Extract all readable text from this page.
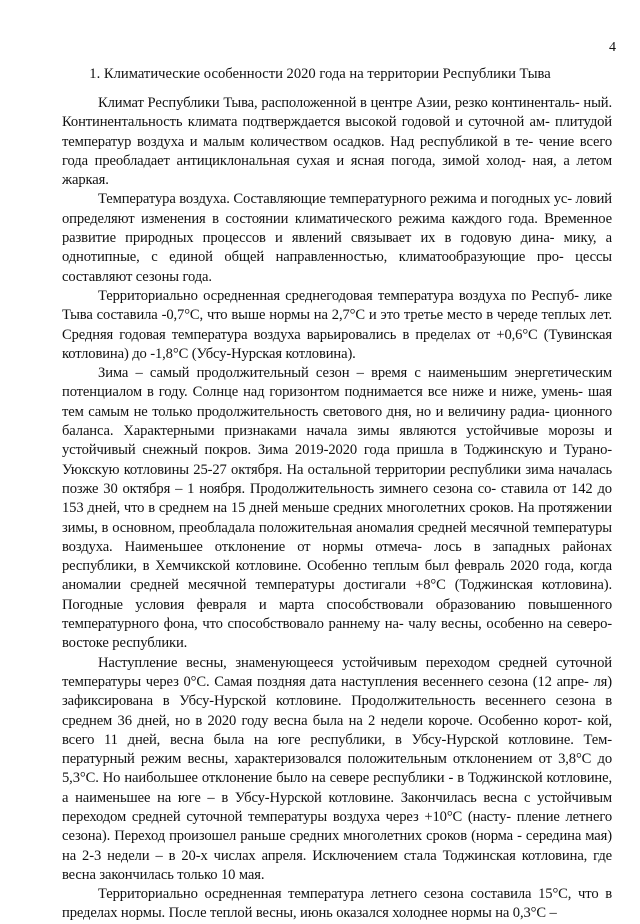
4
1. Климатические особенности 2020 года на территории Республики Тыва

Климат Республики Тыва, расположенной в центре Азии, резко континенталь- ный. Континентальность климата подтверждается высокой годовой и суточной ам- плитудой температур воздуха и малым количеством осадков. Над республикой в те- чение всего года преобладает антициклональная сухая и ясная погода, зимой холод- ная, а летом жаркая.

Температура воздуха. Составляющие температурного режима и погодных ус- ловий определяют изменения в состоянии климатического режима каждого года. Временное развитие природных процессов и явлений связывает их в годовую дина- мику, а однотипные, с единой общей направленностью, климатообразующие про- цессы составляют сезоны года.

Территориально осредненная среднегодовая температура воздуха по Респуб- лике Тыва составила -0,7°С, что выше нормы на 2,7°С и это третье место в череде теплых лет. Средняя годовая температура воздуха варьировались в пределах от +0,6°С (Тувинская котловина) до -1,8°С (Убсу-Нурская котловина).

Зима – самый продолжительный сезон – время с наименьшим энергетическим потенциалом в году. Солнце над горизонтом поднимается все ниже и ниже, умень- шая тем самым не только продолжительность светового дня, но и величину радиа- ционного баланса. Характерными признаками начала зимы являются устойчивые морозы и устойчивый снежный покров. Зима 2019-2020 года пришла в Тоджинскую и Турано-Уюкскую котловины 25-27 октября. На остальной территории республики зима началась позже 30 октября – 1 ноября. Продолжительность зимнего сезона со- ставила от 142 до 153 дней, что в среднем на 15 дней меньше средних многолетних сроков. На протяжении зимы, в основном, преобладала положительная аномалия средней месячной температуры воздуха. Наименьшее отклонение от нормы отмеча- лось в западных районах республики, в Хемчикской котловине. Особенно теплым был февраль 2020 года, когда аномалии средней месячной температуры достигали +8°С (Тоджинская котловина). Погодные условия февраля и марта способствовали образованию повышенного температурного фона, что способствовало раннему на- чалу весны, особенно на северо-востоке республики.

Наступление весны, знаменующееся устойчивым переходом средней суточной температуры через 0°С. Самая поздняя дата наступления весеннего сезона (12 апре- ля) зафиксирована в Убсу-Нурской котловине. Продолжительность весеннего сезона в среднем 36 дней, но в 2020 году весна была на 2 недели короче. Особенно корот- кой, всего 11 дней, весна была на юге республики, в Убсу-Нурской котловине. Тем- пературный режим весны, характеризовался положительным отклонением от 3,8°С до 5,3°С. Но наибольшее отклонение было на севере республики - в Тоджинской котловине, а наименьшее на юге – в Убсу-Нурской котловине. Закончилась весна с устойчивым переходом средней суточной температуры воздуха через +10°С (насту- пление летнего сезона). Переход произошел раньше средних многолетних сроков (норма - середина мая) на 2-3 недели – в 20-х числах апреля. Исключением стала Тоджинская котловина, где весна закончилась только 10 мая.

Территориально осредненная температура летнего сезона составила 15°С, что в пределах нормы. После теплой весны, июнь оказался холоднее нормы на 0,3°С –
